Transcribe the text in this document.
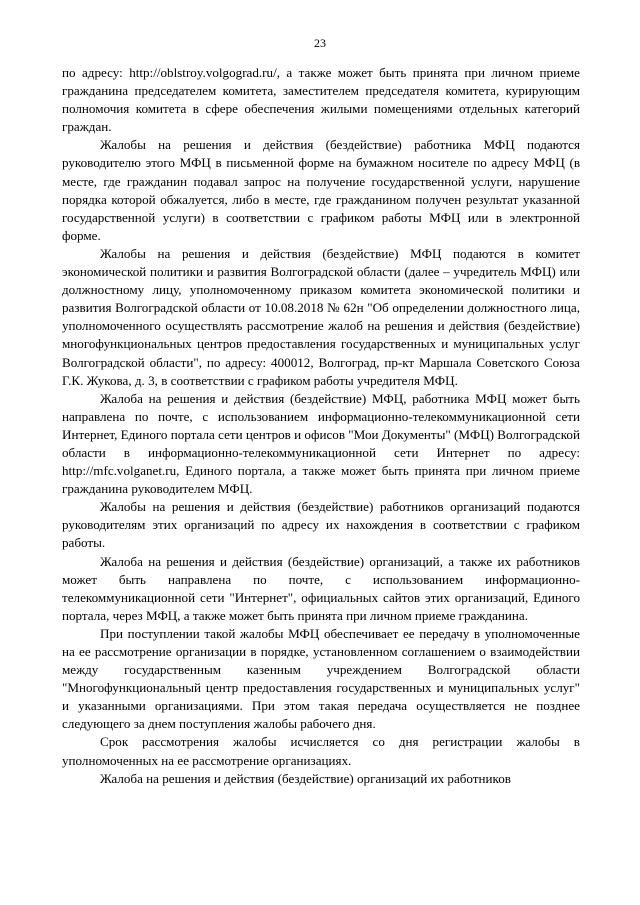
23

по адресу: http://oblstroy.volgograd.ru/, а также может быть принята при личном приеме гражданина председателем комитета, заместителем председателя комитета, курирующим полномочия комитета в сфере обеспечения жилыми помещениями отдельных категорий граждан.

Жалобы на решения и действия (бездействие) работника МФЦ подаются руководителю этого МФЦ в письменной форме на бумажном носителе по адресу МФЦ (в месте, где гражданин подавал запрос на получение государственной услуги, нарушение порядка которой обжалуется, либо в месте, где гражданином получен результат указанной государственной услуги) в соответствии с графиком работы МФЦ или в электронной форме.

Жалобы на решения и действия (бездействие) МФЦ подаются в комитет экономической политики и развития Волгоградской области (далее – учредитель МФЦ) или должностному лицу, уполномоченному приказом комитета экономической политики и развития Волгоградской области от 10.08.2018 № 62н "Об определении должностного лица, уполномоченного осуществлять рассмотрение жалоб на решения и действия (бездействие) многофункциональных центров предоставления государственных и муниципальных услуг Волгоградской области", по адресу: 400012, Волгоград, пр-кт Маршала Советского Союза Г.К. Жукова, д. 3, в соответствии с графиком работы учредителя МФЦ.

Жалоба на решения и действия (бездействие) МФЦ, работника МФЦ может быть направлена по почте, с использованием информационно-телекоммуникационной сети Интернет, Единого портала сети центров и офисов "Мои Документы" (МФЦ) Волгоградской области в информационно-телекоммуникационной сети Интернет по адресу: http://mfc.volganet.ru, Единого портала, а также может быть принята при личном приеме гражданина руководителем МФЦ.

Жалобы на решения и действия (бездействие) работников организаций подаются руководителям этих организаций по адресу их нахождения в соответствии с графиком работы.

Жалоба на решения и действия (бездействие) организаций, а также их работников может быть направлена по почте, с использованием информационно-телекоммуникационной сети "Интернет", официальных сайтов этих организаций, Единого портала, через МФЦ, а также может быть принята при личном приеме гражданина.

При поступлении такой жалобы МФЦ обеспечивает ее передачу в уполномоченные на ее рассмотрение организации в порядке, установленном соглашением о взаимодействии между государственным казенным учреждением Волгоградской области "Многофункциональный центр предоставления государственных и муниципальных услуг" и указанными организациями. При этом такая передача осуществляется не позднее следующего за днем поступления жалобы рабочего дня.

Срок рассмотрения жалобы исчисляется со дня регистрации жалобы в уполномоченных на ее рассмотрение организациях.

Жалоба на решения и действия (бездействие) организаций их работников
